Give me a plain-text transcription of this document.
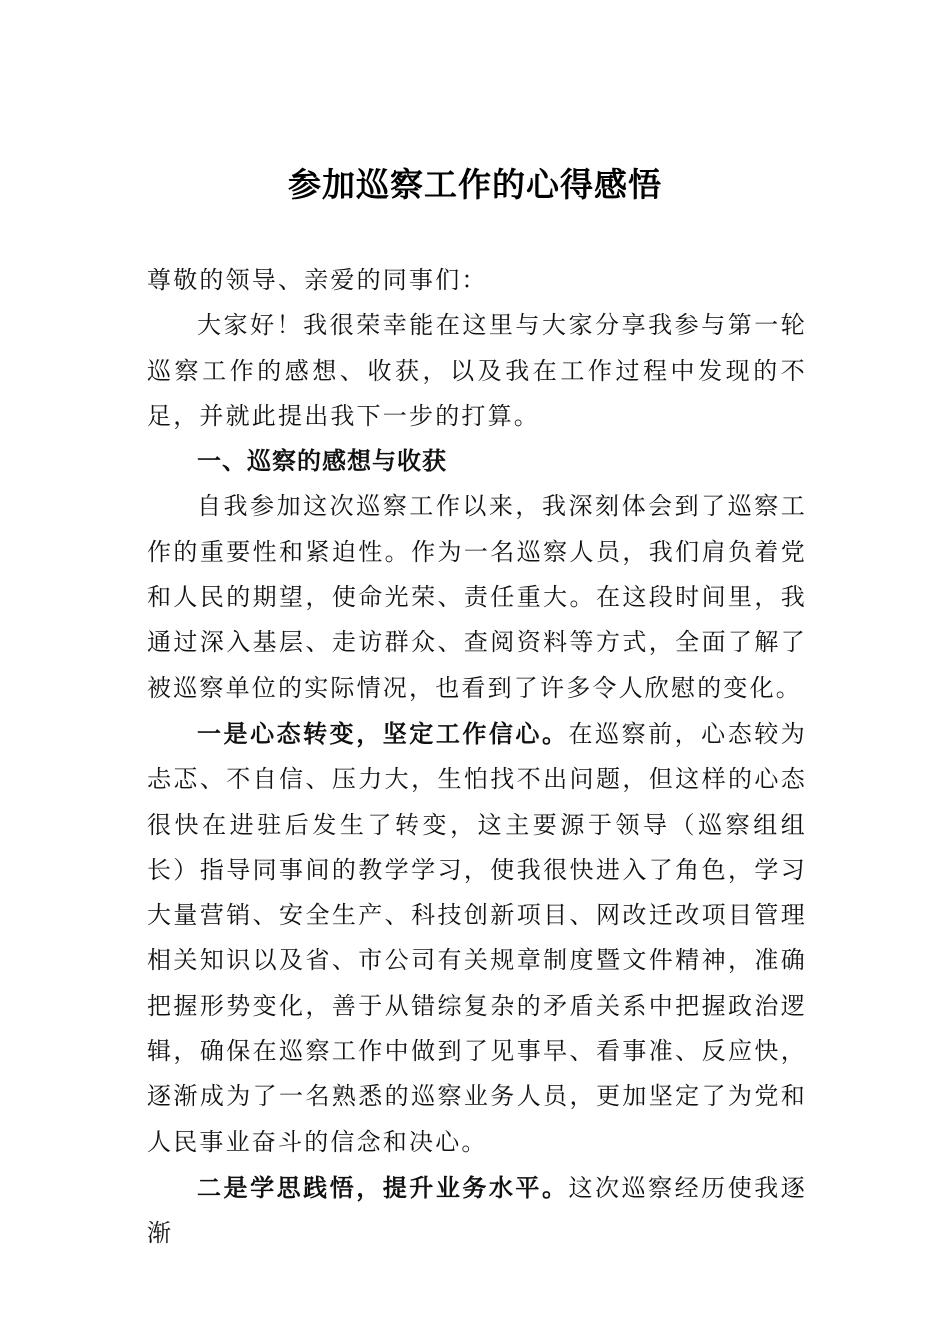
参加巡察工作的心得感悟

尊敬的领导、亲爱的同事们：

大家好！我很荣幸能在这里与大家分享我参与第一轮巡察工作的感想、收获，以及我在工作过程中发现的不足，并就此提出我下一步的打算。

一、巡察的感想与收获

自我参加这次巡察工作以来，我深刻体会到了巡察工作的重要性和紧迫性。作为一名巡察人员，我们肩负着党和人民的期望，使命光荣、责任重大。在这段时间里，我通过深入基层、走访群众、查阅资料等方式，全面了解了被巡察单位的实际情况，也看到了许多令人欣慰的变化。

一是心态转变，坚定工作信心。在巡察前，心态较为忐忑、不自信、压力大，生怕找不出问题，但这样的心态很快在进驻后发生了转变，这主要源于领导（巡察组组长）指导同事间的教学学习，使我很快进入了角色，学习大量营销、安全生产、科技创新项目、网改迁改项目管理相关知识以及省、市公司有关规章制度暨文件精神，准确把握形势变化，善于从错综复杂的矛盾关系中把握政治逻辑，确保在巡察工作中做到了见事早、看事准、反应快，逐渐成为了一名熟悉的巡察业务人员，更加坚定了为党和人民事业奋斗的信念和决心。

二是学思践悟，提升业务水平。这次巡察经历使我逐渐
